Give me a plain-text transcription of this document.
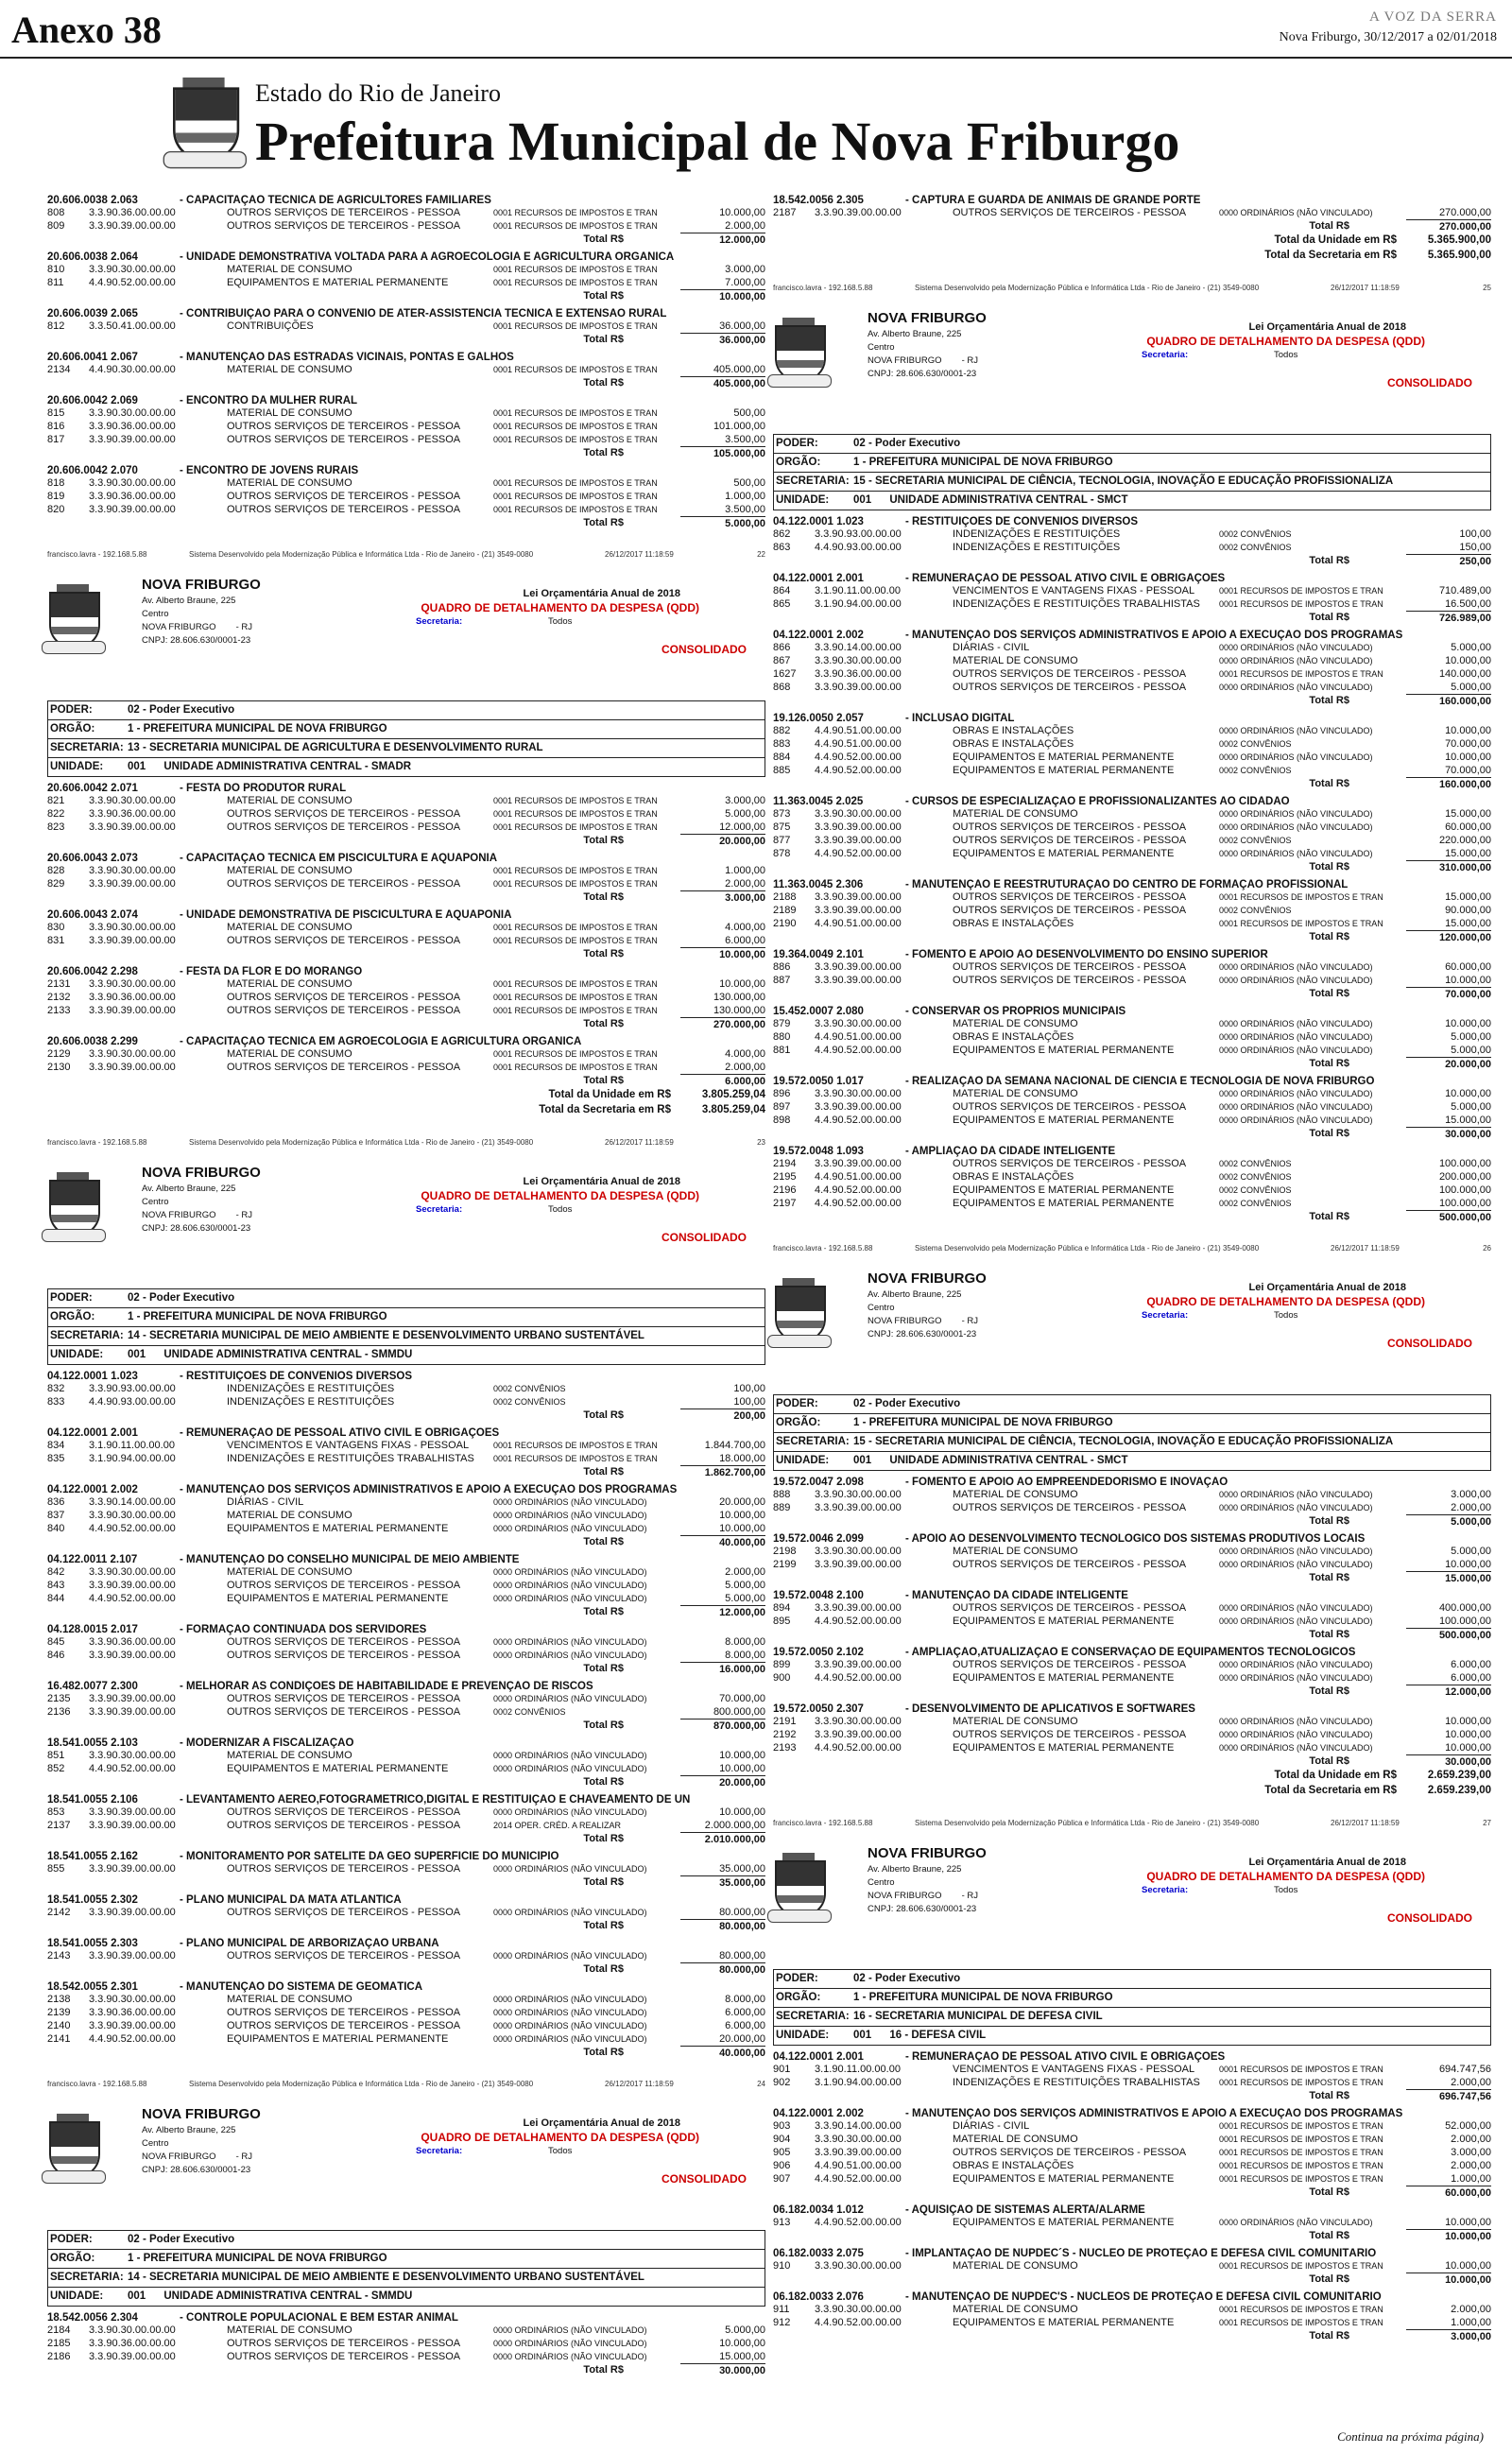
Anexo 38	A VOZ DA SERRA
Nova Friburgo, 30/12/2017 a 02/01/2018
Estado do Rio de Janeiro
Prefeitura Municipal de Nova Friburgo
20.606.0038 2.063	- CAPACITAÇÃO TÉCNICA DE AGRICULTORES FAMILIARES
808	3.3.90.36.00.00.00	OUTROS SERVIÇOS DE TERCEIROS - PESSOA	0001 RECURSOS DE IMPOSTOS E TRAN	10.000,00
809	3.3.90.39.00.00.00	OUTROS SERVIÇOS DE TERCEIROS - PESSOA	0001 RECURSOS DE IMPOSTOS E TRAN	2.000,00
Total R$	12.000,00
20.606.0038 2.064	- UNIDADE DEMONSTRATIVA VOLTADA PARA A AGROECOLOGIA E AGRICULTURA ORGÂNICA
810	3.3.90.30.00.00.00	MATERIAL DE CONSUMO	0001 RECURSOS DE IMPOSTOS E TRAN	3.000,00
811	4.4.90.52.00.00.00	EQUIPAMENTOS E MATERIAL PERMANENTE	0001 RECURSOS DE IMPOSTOS E TRAN	7.000,00
Total R$	10.000,00
20.606.0039 2.065	- CONTRIBUIÇÃO PARA O CONVÊNIO DE ATER-ASSISTÊNCIA TÉCNICA E EXTENSÃO RURAL
812	3.3.50.41.00.00.00	CONTRIBUIÇÕES	0001 RECURSOS DE IMPOSTOS E TRAN	36.000,00
Total R$	36.000,00
20.606.0041 2.067	- MANUTENÇÃO DAS ESTRADAS VICINAIS, PONTAS E GALHOS
2134	4.4.90.30.00.00.00	MATERIAL DE CONSUMO	0001 RECURSOS DE IMPOSTOS E TRAN	405.000,00
Total R$	405.000,00
20.606.0042 2.069	- ENCONTRO DA MULHER RURAL
815	3.3.90.30.00.00.00	MATERIAL DE CONSUMO	0001 RECURSOS DE IMPOSTOS E TRAN	500,00
816	3.3.90.36.00.00.00	OUTROS SERVIÇOS DE TERCEIROS - PESSOA	0001 RECURSOS DE IMPOSTOS E TRAN	101.000,00
817	3.3.90.39.00.00.00	OUTROS SERVIÇOS DE TERCEIROS - PESSOA	0001 RECURSOS DE IMPOSTOS E TRAN	3.500,00
Total R$	105.000,00
20.606.0042 2.070	- ENCONTRO DE JOVENS RURAIS
818	3.3.90.30.00.00.00	MATERIAL DE CONSUMO	0001 RECURSOS DE IMPOSTOS E TRAN	500,00
819	3.3.90.36.00.00.00	OUTROS SERVIÇOS DE TERCEIROS - PESSOA	0001 RECURSOS DE IMPOSTOS E TRAN	1.000,00
820	3.3.90.39.00.00.00	OUTROS SERVIÇOS DE TERCEIROS - PESSOA	0001 RECURSOS DE IMPOSTOS E TRAN	3.500,00
Total R$	5.000,00
francisco.lavra - 192.168.5.88	Sistema Desenvolvido pela Modernização Pública e Informática Ltda - Rio de Janeiro - (21) 3549-0080	26/12/2017 11:18:59	22
NOVA FRIBURGO
Av. Alberto Braune, 225
Centro
NOVA FRIBURGO        - RJ
CNPJ: 28.606.630/0001-23
Lei Orçamentária Anual de 2018
QUADRO DE DETALHAMENTO DA DESPESA (QDD)
Secretaria:	Todos
CONSOLIDADO
PODER:	02 - Poder Executivo
ORGÃO:	1 - PREFEITURA MUNICIPAL DE NOVA FRIBURGO
SECRETARIA: 13 - SECRETARIA MUNICIPAL DE AGRICULTURA E DESENVOLVIMENTO RURAL
UNIDADE: 001      UNIDADE ADMINISTRATIVA CENTRAL - SMADR
20.606.0042 2.071	- FESTA DO PRODUTOR RURAL
821	3.3.90.30.00.00.00	MATERIAL DE CONSUMO	0001 RECURSOS DE IMPOSTOS E TRAN	3.000,00
822	3.3.90.36.00.00.00	OUTROS SERVIÇOS DE TERCEIROS - PESSOA	0001 RECURSOS DE IMPOSTOS E TRAN	5.000,00
823	3.3.90.39.00.00.00	OUTROS SERVIÇOS DE TERCEIROS - PESSOA	0001 RECURSOS DE IMPOSTOS E TRAN	12.000,00
Total R$	20.000,00
20.606.0043 2.073	- CAPACITAÇÃO TÉCNICA EM PISCICULTURA E AQUAPONIA
828	3.3.90.30.00.00.00	MATERIAL DE CONSUMO	0001 RECURSOS DE IMPOSTOS E TRAN	1.000,00
829	3.3.90.39.00.00.00	OUTROS SERVIÇOS DE TERCEIROS - PESSOA	0001 RECURSOS DE IMPOSTOS E TRAN	2.000,00
Total R$	3.000,00
20.606.0043 2.074	- UNIDADE DEMONSTRATIVA DE PISCICULTURA E AQUAPONIA
830	3.3.90.30.00.00.00	MATERIAL DE CONSUMO	0001 RECURSOS DE IMPOSTOS E TRAN	4.000,00
831	3.3.90.39.00.00.00	OUTROS SERVIÇOS DE TERCEIROS - PESSOA	0001 RECURSOS DE IMPOSTOS E TRAN	6.000,00
Total R$	10.000,00
20.606.0042 2.298	- FESTA DA FLOR E DO MORANGO
2131	3.3.90.30.00.00.00	MATERIAL DE CONSUMO	0001 RECURSOS DE IMPOSTOS E TRAN	10.000,00
2132	3.3.90.36.00.00.00	OUTROS SERVIÇOS DE TERCEIROS - PESSOA	0001 RECURSOS DE IMPOSTOS E TRAN	130.000,00
2133	3.3.90.39.00.00.00	OUTROS SERVIÇOS DE TERCEIROS - PESSOA	0001 RECURSOS DE IMPOSTOS E TRAN	130.000,00
Total R$	270.000,00
20.606.0038 2.299	- CAPACITAÇÃO TÉCNICA EM AGROECOLOGIA E AGRICULTURA ORGÂNICA
2129	3.3.90.30.00.00.00	MATERIAL DE CONSUMO	0001 RECURSOS DE IMPOSTOS E TRAN	4.000,00
2130	3.3.90.39.00.00.00	OUTROS SERVIÇOS DE TERCEIROS - PESSOA	0001 RECURSOS DE IMPOSTOS E TRAN	2.000,00
Total R$	6.000,00
Total da Unidade em R$	3.805.259,04
Total da Secretaria em R$	3.805.259,04
francisco.lavra - 192.168.5.88	Sistema Desenvolvido pela Modernização Pública e Informática Ltda - Rio de Janeiro - (21) 3549-0080	26/12/2017 11:18:59	23
NOVA FRIBURGO
Av. Alberto Braune, 225
Centro
NOVA FRIBURGO        - RJ
CNPJ: 28.606.630/0001-23
Lei Orçamentária Anual de 2018
QUADRO DE DETALHAMENTO DA DESPESA (QDD)
Secretaria:	Todos
CONSOLIDADO
PODER:	02 - Poder Executivo
ORGÃO:	1 - PREFEITURA MUNICIPAL DE NOVA FRIBURGO
SECRETARIA: 14 - SECRETARIA MUNICIPAL DE MEIO AMBIENTE E DESENVOLVIMENTO URBANO SUSTENTÁVEL
UNIDADE: 001      UNIDADE ADMINISTRATIVA CENTRAL - SMMDU
04.122.0001 1.023	- RESTITUIÇÕES DE CONVÊNIOS DIVERSOS
832	3.3.90.93.00.00.00	INDENIZAÇÕES E RESTITUIÇÕES	0002 CONVÊNIOS	100,00
833	4.4.90.93.00.00.00	INDENIZAÇÕES E RESTITUIÇÕES	0002 CONVÊNIOS	100,00
Total R$	200,00
04.122.0001 2.001	- REMUNERAÇÃO DE PESSOAL ATIVO CIVIL E OBRIGAÇÕES
834	3.1.90.11.00.00.00	VENCIMENTOS E VANTAGENS FIXAS - PESSOAL	0001 RECURSOS DE IMPOSTOS E TRAN	1.844.700,00
835	3.1.90.94.00.00.00	INDENIZAÇÕES E RESTITUIÇÕES TRABALHISTAS	0001 RECURSOS DE IMPOSTOS E TRAN	18.000,00
Total R$	1.862.700,00
04.122.0001 2.002	- MANUTENÇÃO DOS SERVIÇOS ADMINISTRATIVOS E APOIO A EXECUÇÃO DOS PROGRAMAS
836	3.3.90.14.00.00.00	DIÁRIAS - CIVIL	0000 ORDINÁRIOS (NÃO VINCULADO)	20.000,00
837	3.3.90.30.00.00.00	MATERIAL DE CONSUMO	0000 ORDINÁRIOS (NÃO VINCULADO)	10.000,00
840	4.4.90.52.00.00.00	EQUIPAMENTOS E MATERIAL PERMANENTE	0000 ORDINÁRIOS (NÃO VINCULADO)	10.000,00
Total R$	40.000,00
04.122.0011 2.107	- MANUTENÇÃO DO CONSELHO MUNICIPAL DE MEIO AMBIENTE
842	3.3.90.30.00.00.00	MATERIAL DE CONSUMO	0000 ORDINÁRIOS (NÃO VINCULADO)	2.000,00
843	3.3.90.39.00.00.00	OUTROS SERVIÇOS DE TERCEIROS - PESSOA	0000 ORDINÁRIOS (NÃO VINCULADO)	5.000,00
844	4.4.90.52.00.00.00	EQUIPAMENTOS E MATERIAL PERMANENTE	0000 ORDINÁRIOS (NÃO VINCULADO)	5.000,00
Total R$	12.000,00
04.128.0015 2.017	- FORMAÇÃO CONTINUADA DOS SERVIDORES
845	3.3.90.36.00.00.00	OUTROS SERVIÇOS DE TERCEIROS - PESSOA	0000 ORDINÁRIOS (NÃO VINCULADO)	8.000,00
846	3.3.90.39.00.00.00	OUTROS SERVIÇOS DE TERCEIROS - PESSOA	0000 ORDINÁRIOS (NÃO VINCULADO)	8.000,00
Total R$	16.000,00
16.482.0077 2.300	- MELHORAR AS CONDIÇÕES DE HABITABILIDADE E PREVENÇÃO DE RISCOS
2135	3.3.90.39.00.00.00	OUTROS SERVIÇOS DE TERCEIROS - PESSOA	0000 ORDINÁRIOS (NÃO VINCULADO)	70.000,00
2136	3.3.90.39.00.00.00	OUTROS SERVIÇOS DE TERCEIROS - PESSOA	0002 CONVÊNIOS	800.000,00
Total R$	870.000,00
18.541.0055 2.103	- MODERNIZAR A FISCALIZAÇÃO
851	3.3.90.30.00.00.00	MATERIAL DE CONSUMO	0000 ORDINÁRIOS (NÃO VINCULADO)	10.000,00
852	4.4.90.52.00.00.00	EQUIPAMENTOS E MATERIAL PERMANENTE	0000 ORDINÁRIOS (NÃO VINCULADO)	10.000,00
Total R$	20.000,00
18.541.0055 2.106	- LEVANTAMENTO AÉREO,FOTOGRAMÉTRICO,DIGITAL E RESTITUIÇÃO E CHAVEAMENTO DE UN
853	3.3.90.39.00.00.00	OUTROS SERVIÇOS DE TERCEIROS - PESSOA	0000 ORDINÁRIOS (NÃO VINCULADO)	10.000,00
2137	3.3.90.39.00.00.00	OUTROS SERVIÇOS DE TERCEIROS - PESSOA	2014 OPER. CRÉD. A REALIZAR	2.000.000,00
Total R$	2.010.000,00
18.541.0055 2.162	- MONITORAMENTO POR SATÉLITE DA GEO SUPERFÍCIE DO MUNICÍPIO
855	3.3.90.39.00.00.00	OUTROS SERVIÇOS DE TERCEIROS - PESSOA	0000 ORDINÁRIOS (NÃO VINCULADO)	35.000,00
Total R$	35.000,00
18.541.0055 2.302	- PLANO MUNICIPAL DA MATA ATLÂNTICA
2142	3.3.90.39.00.00.00	OUTROS SERVIÇOS DE TERCEIROS - PESSOA	0000 ORDINÁRIOS (NÃO VINCULADO)	80.000,00
Total R$	80.000,00
18.541.0055 2.303	- PLANO MUNICIPAL DE ARBORIZAÇÃO URBANA
2143	3.3.90.39.00.00.00	OUTROS SERVIÇOS DE TERCEIROS - PESSOA	0000 ORDINÁRIOS (NÃO VINCULADO)	80.000,00
Total R$	80.000,00
18.542.0055 2.301	- MANUTENÇÃO DO SISTEMA DE GEOMÁTICA
2138	3.3.90.30.00.00.00	MATERIAL DE CONSUMO	0000 ORDINÁRIOS (NÃO VINCULADO)	8.000,00
2139	3.3.90.36.00.00.00	OUTROS SERVIÇOS DE TERCEIROS - PESSOA	0000 ORDINÁRIOS (NÃO VINCULADO)	6.000,00
2140	3.3.90.39.00.00.00	OUTROS SERVIÇOS DE TERCEIROS - PESSOA	0000 ORDINÁRIOS (NÃO VINCULADO)	6.000,00
2141	4.4.90.52.00.00.00	EQUIPAMENTOS E MATERIAL PERMANENTE	0000 ORDINÁRIOS (NÃO VINCULADO)	20.000,00
Total R$	40.000,00
francisco.lavra - 192.168.5.88	Sistema Desenvolvido pela Modernização Pública e Informática Ltda - Rio de Janeiro - (21) 3549-0080	26/12/2017 11:18:59	24
NOVA FRIBURGO
Av. Alberto Braune, 225
Centro
NOVA FRIBURGO        - RJ
CNPJ: 28.606.630/0001-23
Lei Orçamentária Anual de 2018
QUADRO DE DETALHAMENTO DA DESPESA (QDD)
Secretaria:	Todos
CONSOLIDADO
PODER:	02 - Poder Executivo
ORGÃO:	1 - PREFEITURA MUNICIPAL DE NOVA FRIBURGO
SECRETARIA: 14 - SECRETARIA MUNICIPAL DE MEIO AMBIENTE E DESENVOLVIMENTO URBANO SUSTENTÁVEL
UNIDADE: 001      UNIDADE ADMINISTRATIVA CENTRAL - SMMDU
18.542.0056 2.304	- CONTROLE POPULACIONAL E BEM ESTAR ANIMAL
2184	3.3.90.30.00.00.00	MATERIAL DE CONSUMO	0000 ORDINÁRIOS (NÃO VINCULADO)	5.000,00
2185	3.3.90.36.00.00.00	OUTROS SERVIÇOS DE TERCEIROS - PESSOA	0000 ORDINÁRIOS (NÃO VINCULADO)	10.000,00
2186	3.3.90.39.00.00.00	OUTROS SERVIÇOS DE TERCEIROS - PESSOA	0000 ORDINÁRIOS (NÃO VINCULADO)	15.000,00
Total R$	30.000,00
18.542.0056 2.305	- CAPTURA E GUARDA DE ANIMAIS DE GRANDE PORTE
2187	3.3.90.39.00.00.00	OUTROS SERVIÇOS DE TERCEIROS - PESSOA	0000 ORDINÁRIOS (NÃO VINCULADO)	270.000,00
Total R$	270.000,00
Total da Unidade em R$	5.365.900,00
Total da Secretaria em R$	5.365.900,00
francisco.lavra - 192.168.5.88	Sistema Desenvolvido pela Modernização Pública e Informática Ltda - Rio de Janeiro - (21) 3549-0080	26/12/2017 11:18:59	25
NOVA FRIBURGO
Av. Alberto Braune, 225
Centro
NOVA FRIBURGO        - RJ
CNPJ: 28.606.630/0001-23
Lei Orçamentária Anual de 2018
QUADRO DE DETALHAMENTO DA DESPESA (QDD)
Secretaria:	Todos
CONSOLIDADO
PODER:	02 - Poder Executivo
ORGÃO:	1 - PREFEITURA MUNICIPAL DE NOVA FRIBURGO
SECRETARIA: 15 - SECRETARIA MUNICIPAL DE CIÊNCIA, TECNOLOGIA, INOVAÇÃO E EDUCAÇÃO PROFISSIONALIZA
UNIDADE: 001      UNIDADE ADMINISTRATIVA CENTRAL - SMCT
04.122.0001 1.023	- RESTITUIÇÕES DE CONVÊNIOS DIVERSOS
862	3.3.90.93.00.00.00	INDENIZAÇÕES E RESTITUIÇÕES	0002 CONVÊNIOS	100,00
863	4.4.90.93.00.00.00	INDENIZAÇÕES E RESTITUIÇÕES	0002 CONVÊNIOS	150,00
Total R$	250,00
04.122.0001 2.001	- REMUNERAÇÃO DE PESSOAL ATIVO CIVIL E OBRIGAÇÕES
864	3.1.90.11.00.00.00	VENCIMENTOS E VANTAGENS FIXAS - PESSOAL	0001 RECURSOS DE IMPOSTOS E TRAN	710.489,00
865	3.1.90.94.00.00.00	INDENIZAÇÕES E RESTITUIÇÕES TRABALHISTAS	0001 RECURSOS DE IMPOSTOS E TRAN	16.500,00
Total R$	726.989,00
04.122.0001 2.002	- MANUTENÇÃO DOS SERVIÇOS ADMINISTRATIVOS E APOIO A EXECUÇÃO DOS PROGRAMAS
866	3.3.90.14.00.00.00	DIÁRIAS - CIVIL	0000 ORDINÁRIOS (NÃO VINCULADO)	5.000,00
867	3.3.90.30.00.00.00	MATERIAL DE CONSUMO	0000 ORDINÁRIOS (NÃO VINCULADO)	10.000,00
1627	3.3.90.36.00.00.00	OUTROS SERVIÇOS DE TERCEIROS - PESSOA	0001 RECURSOS DE IMPOSTOS E TRAN	140.000,00
868	3.3.90.39.00.00.00	OUTROS SERVIÇOS DE TERCEIROS - PESSOA	0000 ORDINÁRIOS (NÃO VINCULADO)	5.000,00
Total R$	160.000,00
19.126.0050 2.057	- INCLUSÃO DIGITAL
882	4.4.90.51.00.00.00	OBRAS E INSTALAÇÕES	0000 ORDINÁRIOS (NÃO VINCULADO)	10.000,00
883	4.4.90.51.00.00.00	OBRAS E INSTALAÇÕES	0002 CONVÊNIOS	70.000,00
884	4.4.90.52.00.00.00	EQUIPAMENTOS E MATERIAL PERMANENTE	0000 ORDINÁRIOS (NÃO VINCULADO)	10.000,00
885	4.4.90.52.00.00.00	EQUIPAMENTOS E MATERIAL PERMANENTE	0002 CONVÊNIOS	70.000,00
Total R$	160.000,00
11.363.0045 2.025	- CURSOS DE ESPECIALIZAÇÃO E PROFISSIONALIZANTES AO CIDADÃO
873	3.3.90.30.00.00.00	MATERIAL DE CONSUMO	0000 ORDINÁRIOS (NÃO VINCULADO)	15.000,00
875	3.3.90.39.00.00.00	OUTROS SERVIÇOS DE TERCEIROS - PESSOA	0000 ORDINÁRIOS (NÃO VINCULADO)	60.000,00
877	3.3.90.39.00.00.00	OUTROS SERVIÇOS DE TERCEIROS - PESSOA	0002 CONVÊNIOS	220.000,00
878	4.4.90.52.00.00.00	EQUIPAMENTOS E MATERIAL PERMANENTE	0000 ORDINÁRIOS (NÃO VINCULADO)	15.000,00
Total R$	310.000,00
11.363.0045 2.306	- MANUTENÇÃO E REESTRUTURAÇÃO DO CENTRO DE FORMAÇÃO PROFISSIONAL
2188	3.3.90.39.00.00.00	OUTROS SERVIÇOS DE TERCEIROS - PESSOA	0001 RECURSOS DE IMPOSTOS E TRAN	15.000,00
2189	3.3.90.39.00.00.00	OUTROS SERVIÇOS DE TERCEIROS - PESSOA	0002 CONVÊNIOS	90.000,00
2190	4.4.90.51.00.00.00	OBRAS E INSTALAÇÕES	0001 RECURSOS DE IMPOSTOS E TRAN	15.000,00
Total R$	120.000,00
19.364.0049 2.101	- FOMENTO E APOIO AO DESENVOLVIMENTO DO ENSINO SUPERIOR
886	3.3.90.39.00.00.00	OUTROS SERVIÇOS DE TERCEIROS - PESSOA	0000 ORDINÁRIOS (NÃO VINCULADO)	60.000,00
887	3.3.90.39.00.00.00	OUTROS SERVIÇOS DE TERCEIROS - PESSOA	0000 ORDINÁRIOS (NÃO VINCULADO)	10.000,00
Total R$	70.000,00
15.452.0007 2.080	- CONSERVAR OS PRÓPRIOS MUNICIPAIS
879	3.3.90.30.00.00.00	MATERIAL DE CONSUMO	0000 ORDINÁRIOS (NÃO VINCULADO)	10.000,00
880	4.4.90.51.00.00.00	OBRAS E INSTALAÇÕES	0000 ORDINÁRIOS (NÃO VINCULADO)	5.000,00
881	4.4.90.52.00.00.00	EQUIPAMENTOS E MATERIAL PERMANENTE	0000 ORDINÁRIOS (NÃO VINCULADO)	5.000,00
Total R$	20.000,00
19.572.0050 1.017	- REALIZAÇÃO DA SEMANA NACIONAL DE CIÊNCIA E TECNOLOGIA DE NOVA FRIBURGO
896	3.3.90.30.00.00.00	MATERIAL DE CONSUMO	0000 ORDINÁRIOS (NÃO VINCULADO)	10.000,00
897	3.3.90.39.00.00.00	OUTROS SERVIÇOS DE TERCEIROS - PESSOA	0000 ORDINÁRIOS (NÃO VINCULADO)	5.000,00
898	4.4.90.52.00.00.00	EQUIPAMENTOS E MATERIAL PERMANENTE	0000 ORDINÁRIOS (NÃO VINCULADO)	15.000,00
Total R$	30.000,00
19.572.0048 1.093	- AMPLIAÇÃO DA CIDADE INTELIGENTE
2194	3.3.90.39.00.00.00	OUTROS SERVIÇOS DE TERCEIROS - PESSOA	0002 CONVÊNIOS	100.000,00
2195	4.4.90.51.00.00.00	OBRAS E INSTALAÇÕES	0002 CONVÊNIOS	200.000,00
2196	4.4.90.52.00.00.00	EQUIPAMENTOS E MATERIAL PERMANENTE	0002 CONVÊNIOS	100.000,00
2197	4.4.90.52.00.00.00	EQUIPAMENTOS E MATERIAL PERMANENTE	0002 CONVÊNIOS	100.000,00
Total R$	500.000,00
francisco.lavra - 192.168.5.88	Sistema Desenvolvido pela Modernização Pública e Informática Ltda - Rio de Janeiro - (21) 3549-0080	26/12/2017 11:18:59	26
NOVA FRIBURGO
Av. Alberto Braune, 225
Centro
NOVA FRIBURGO        - RJ
CNPJ: 28.606.630/0001-23
Lei Orçamentária Anual de 2018
QUADRO DE DETALHAMENTO DA DESPESA (QDD)
Secretaria:	Todos
CONSOLIDADO
PODER:	02 - Poder Executivo
ORGÃO:	1 - PREFEITURA MUNICIPAL DE NOVA FRIBURGO
SECRETARIA: 15 - SECRETARIA MUNICIPAL DE CIÊNCIA, TECNOLOGIA, INOVAÇÃO E EDUCAÇÃO PROFISSIONALIZA
UNIDADE: 001      UNIDADE ADMINISTRATIVA CENTRAL - SMCT
19.572.0047 2.098	- FOMENTO E APOIO AO EMPREENDEDORISMO E INOVAÇÃO
888	3.3.90.30.00.00.00	MATERIAL DE CONSUMO	0000 ORDINÁRIOS (NÃO VINCULADO)	3.000,00
889	3.3.90.39.00.00.00	OUTROS SERVIÇOS DE TERCEIROS - PESSOA	0000 ORDINÁRIOS (NÃO VINCULADO)	2.000,00
Total R$	5.000,00
19.572.0046 2.099	- APOIO AO DESENVOLVIMENTO TECNOLÓGICO DOS SISTEMAS PRODUTIVOS LOCAIS
2198	3.3.90.30.00.00.00	MATERIAL DE CONSUMO	0000 ORDINÁRIOS (NÃO VINCULADO)	5.000,00
2199	3.3.90.39.00.00.00	OUTROS SERVIÇOS DE TERCEIROS - PESSOA	0000 ORDINÁRIOS (NÃO VINCULADO)	10.000,00
Total R$	15.000,00
19.572.0048 2.100	- MANUTENÇÃO DA CIDADE INTELIGENTE
894	3.3.90.39.00.00.00	OUTROS SERVIÇOS DE TERCEIROS - PESSOA	0000 ORDINÁRIOS (NÃO VINCULADO)	400.000,00
895	4.4.90.52.00.00.00	EQUIPAMENTOS E MATERIAL PERMANENTE	0000 ORDINÁRIOS (NÃO VINCULADO)	100.000,00
Total R$	500.000,00
19.572.0050 2.102	- AMPLIAÇÃO,ATUALIZAÇÃO E CONSERVAÇÃO DE EQUIPAMENTOS TECNOLÓGICOS
899	3.3.90.39.00.00.00	OUTROS SERVIÇOS DE TERCEIROS - PESSOA	0000 ORDINÁRIOS (NÃO VINCULADO)	6.000,00
900	4.4.90.52.00.00.00	EQUIPAMENTOS E MATERIAL PERMANENTE	0000 ORDINÁRIOS (NÃO VINCULADO)	6.000,00
Total R$	12.000,00
19.572.0050 2.307	- DESENVOLVIMENTO DE APLICATIVOS E SOFTWARES
2191	3.3.90.30.00.00.00	MATERIAL DE CONSUMO	0000 ORDINÁRIOS (NÃO VINCULADO)	10.000,00
2192	3.3.90.39.00.00.00	OUTROS SERVIÇOS DE TERCEIROS - PESSOA	0000 ORDINÁRIOS (NÃO VINCULADO)	10.000,00
2193	4.4.90.52.00.00.00	EQUIPAMENTOS E MATERIAL PERMANENTE	0000 ORDINÁRIOS (NÃO VINCULADO)	10.000,00
Total R$	30.000,00
Total da Unidade em R$	2.659.239,00
Total da Secretaria em R$	2.659.239,00
francisco.lavra - 192.168.5.88	Sistema Desenvolvido pela Modernização Pública e Informática Ltda - Rio de Janeiro - (21) 3549-0080	26/12/2017 11:18:59	27
NOVA FRIBURGO
Av. Alberto Braune, 225
Centro
NOVA FRIBURGO        - RJ
CNPJ: 28.606.630/0001-23
Lei Orçamentária Anual de 2018
QUADRO DE DETALHAMENTO DA DESPESA (QDD)
Secretaria:	Todos
CONSOLIDADO
PODER:	02 - Poder Executivo
ORGÃO:	1 - PREFEITURA MUNICIPAL DE NOVA FRIBURGO
SECRETARIA: 16 - SECRETARIA MUNICIPAL DE DEFESA CIVIL
UNIDADE: 001      16 - DEFESA CIVIL
04.122.0001 2.001	- REMUNERAÇÃO DE PESSOAL ATIVO CIVIL E OBRIGAÇÕES
901	3.1.90.11.00.00.00	VENCIMENTOS E VANTAGENS FIXAS - PESSOAL	0001 RECURSOS DE IMPOSTOS E TRAN	694.747,56
902	3.1.90.94.00.00.00	INDENIZAÇÕES E RESTITUIÇÕES TRABALHISTAS	0001 RECURSOS DE IMPOSTOS E TRAN	2.000,00
Total R$	696.747,56
04.122.0001 2.002	- MANUTENÇÃO DOS SERVIÇOS ADMINISTRATIVOS E APOIO A EXECUÇÃO DOS PROGRAMAS
903	3.3.90.14.00.00.00	DIÁRIAS - CIVIL	0001 RECURSOS DE IMPOSTOS E TRAN	52.000,00
904	3.3.90.30.00.00.00	MATERIAL DE CONSUMO	0001 RECURSOS DE IMPOSTOS E TRAN	2.000,00
905	3.3.90.39.00.00.00	OUTROS SERVIÇOS DE TERCEIROS - PESSOA	0001 RECURSOS DE IMPOSTOS E TRAN	3.000,00
906	4.4.90.51.00.00.00	OBRAS E INSTALAÇÕES	0001 RECURSOS DE IMPOSTOS E TRAN	2.000,00
907	4.4.90.52.00.00.00	EQUIPAMENTOS E MATERIAL PERMANENTE	0001 RECURSOS DE IMPOSTOS E TRAN	1.000,00
Total R$	60.000,00
06.182.0034 1.012	- AQUISIÇÃO DE SISTEMAS ALERTA/ALARME
913	4.4.90.52.00.00.00	EQUIPAMENTOS E MATERIAL PERMANENTE	0000 ORDINÁRIOS (NÃO VINCULADO)	10.000,00
Total R$	10.000,00
06.182.0033 2.075	- IMPLANTAÇÃO DE NUPDEC´S - NÚCLEO DE PROTEÇÃO E DEFESA CIVIL COMUNITÁRIO
910	3.3.90.30.00.00.00	MATERIAL DE CONSUMO	0001 RECURSOS DE IMPOSTOS E TRAN	10.000,00
Total R$	10.000,00
06.182.0033 2.076	- MANUTENÇÃO DE NUPDEC'S - NÚCLEOS DE PROTEÇÃO E DEFESA CIVIL COMUNITÁRIO
911	3.3.90.30.00.00.00	MATERIAL DE CONSUMO	0001 RECURSOS DE IMPOSTOS E TRAN	2.000,00
912	4.4.90.52.00.00.00	EQUIPAMENTOS E MATERIAL PERMANENTE	0001 RECURSOS DE IMPOSTOS E TRAN	1.000,00
Total R$	3.000,00
Continua na próxima página)
